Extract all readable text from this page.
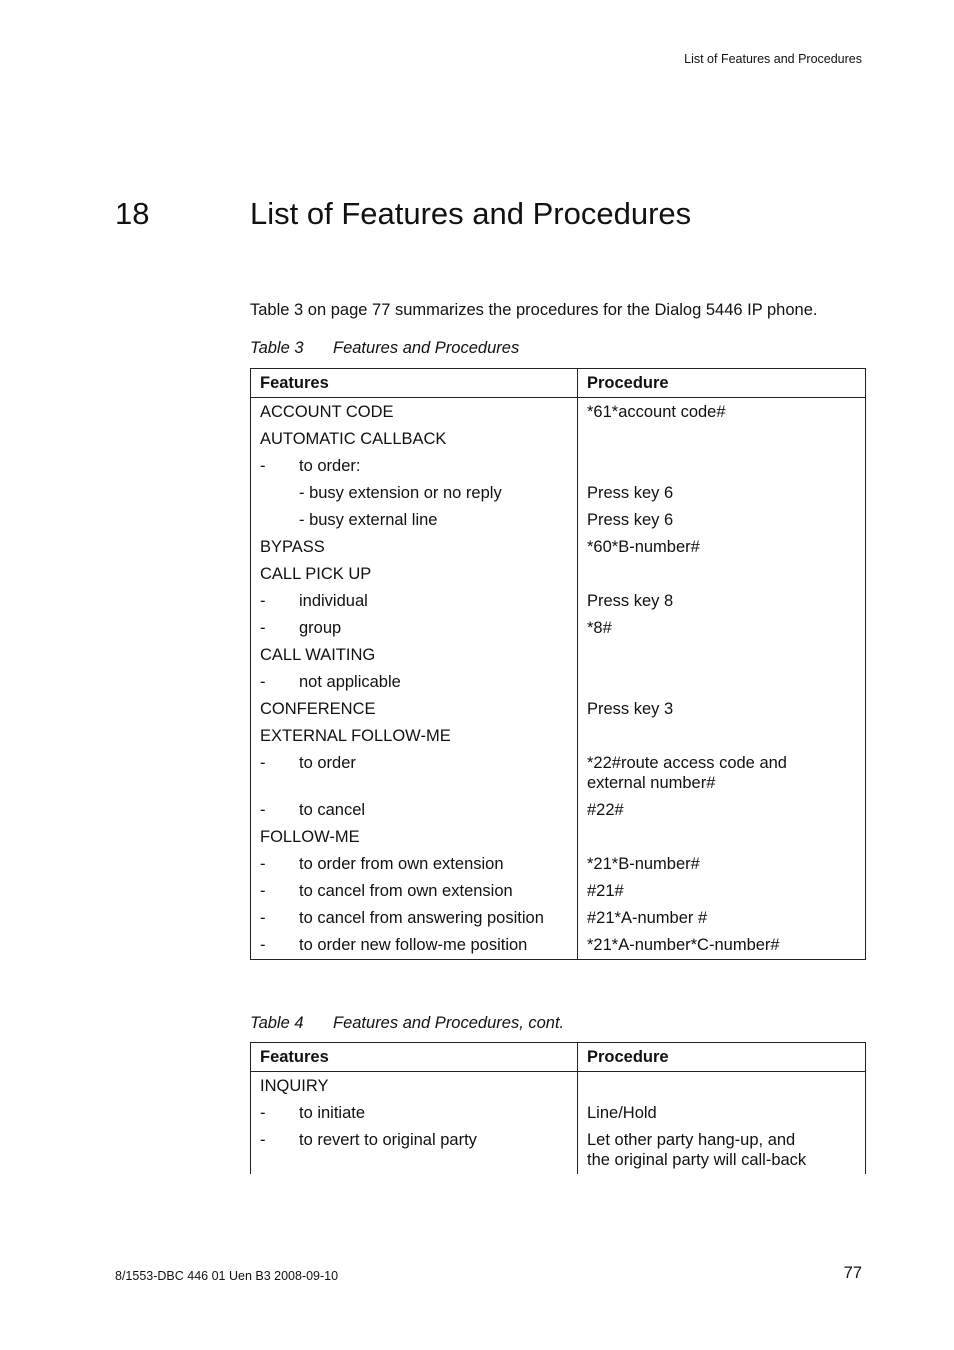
List of Features and Procedures
18	List of Features and Procedures
Table 3 on page 77 summarizes the procedures for the Dialog 5446 IP phone.
Table 3 Features and Procedures
Features	Procedure
ACCOUNT CODE	*61*account code#
AUTOMATIC CALLBACK	
- to order:	
- busy extension or no reply	Press key 6
- busy external line	Press key 6
BYPASS	*60*B-number#
CALL PICK UP	
- individual	Press key 8
- group	*8#
CALL WAITING	
- not applicable	
CONFERENCE	Press key 3
EXTERNAL FOLLOW-ME	
- to order	*22#route access code and external number#
- to cancel	#22#
FOLLOW-ME	
- to order from own extension	*21*B-number#
- to cancel from own extension	#21#
- to cancel from answering position	#21*A-number #
- to order new follow-me position	*21*A-number*C-number#
Table 4 Features and Procedures, cont.
Features	Procedure
INQUIRY	
- to initiate	Line/Hold
- to revert to original party	Let other party hang-up, and the original party will call-back
8/1553-DBC 446 01 Uen B3 2008-09-10	77
